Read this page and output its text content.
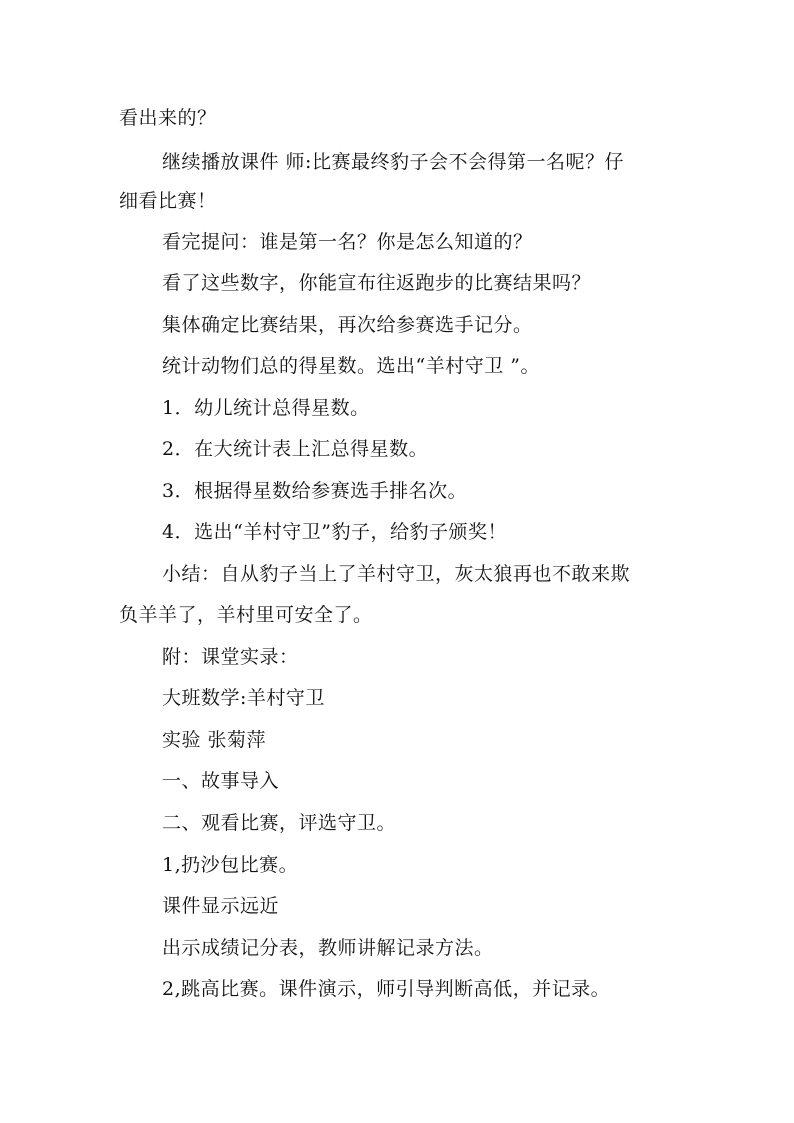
看出来的？
继续播放课件 师:比赛最终豹子会不会得第一名呢？仔
细看比赛！
看完提问：谁是第一名？你是怎么知道的？
看了这些数字，你能宣布往返跑步的比赛结果吗？
集体确定比赛结果，再次给参赛选手记分。
统计动物们总的得星数。选出“羊村守卫 ”。
1．幼儿统计总得星数。
2．在大统计表上汇总得星数。
3．根据得星数给参赛选手排名次。
4．选出“羊村守卫”豹子，给豹子颁奖！
小结：自从豹子当上了羊村守卫，灰太狼再也不敢来欺
负羊羊了，羊村里可安全了。
附：课堂实录：
大班数学:羊村守卫
实验 张菊萍
一、故事导入
二、观看比赛，评选守卫。
1,扔沙包比赛。
课件显示远近
出示成绩记分表，教师讲解记录方法。
2,跳高比赛。课件演示，师引导判断高低，并记录。
